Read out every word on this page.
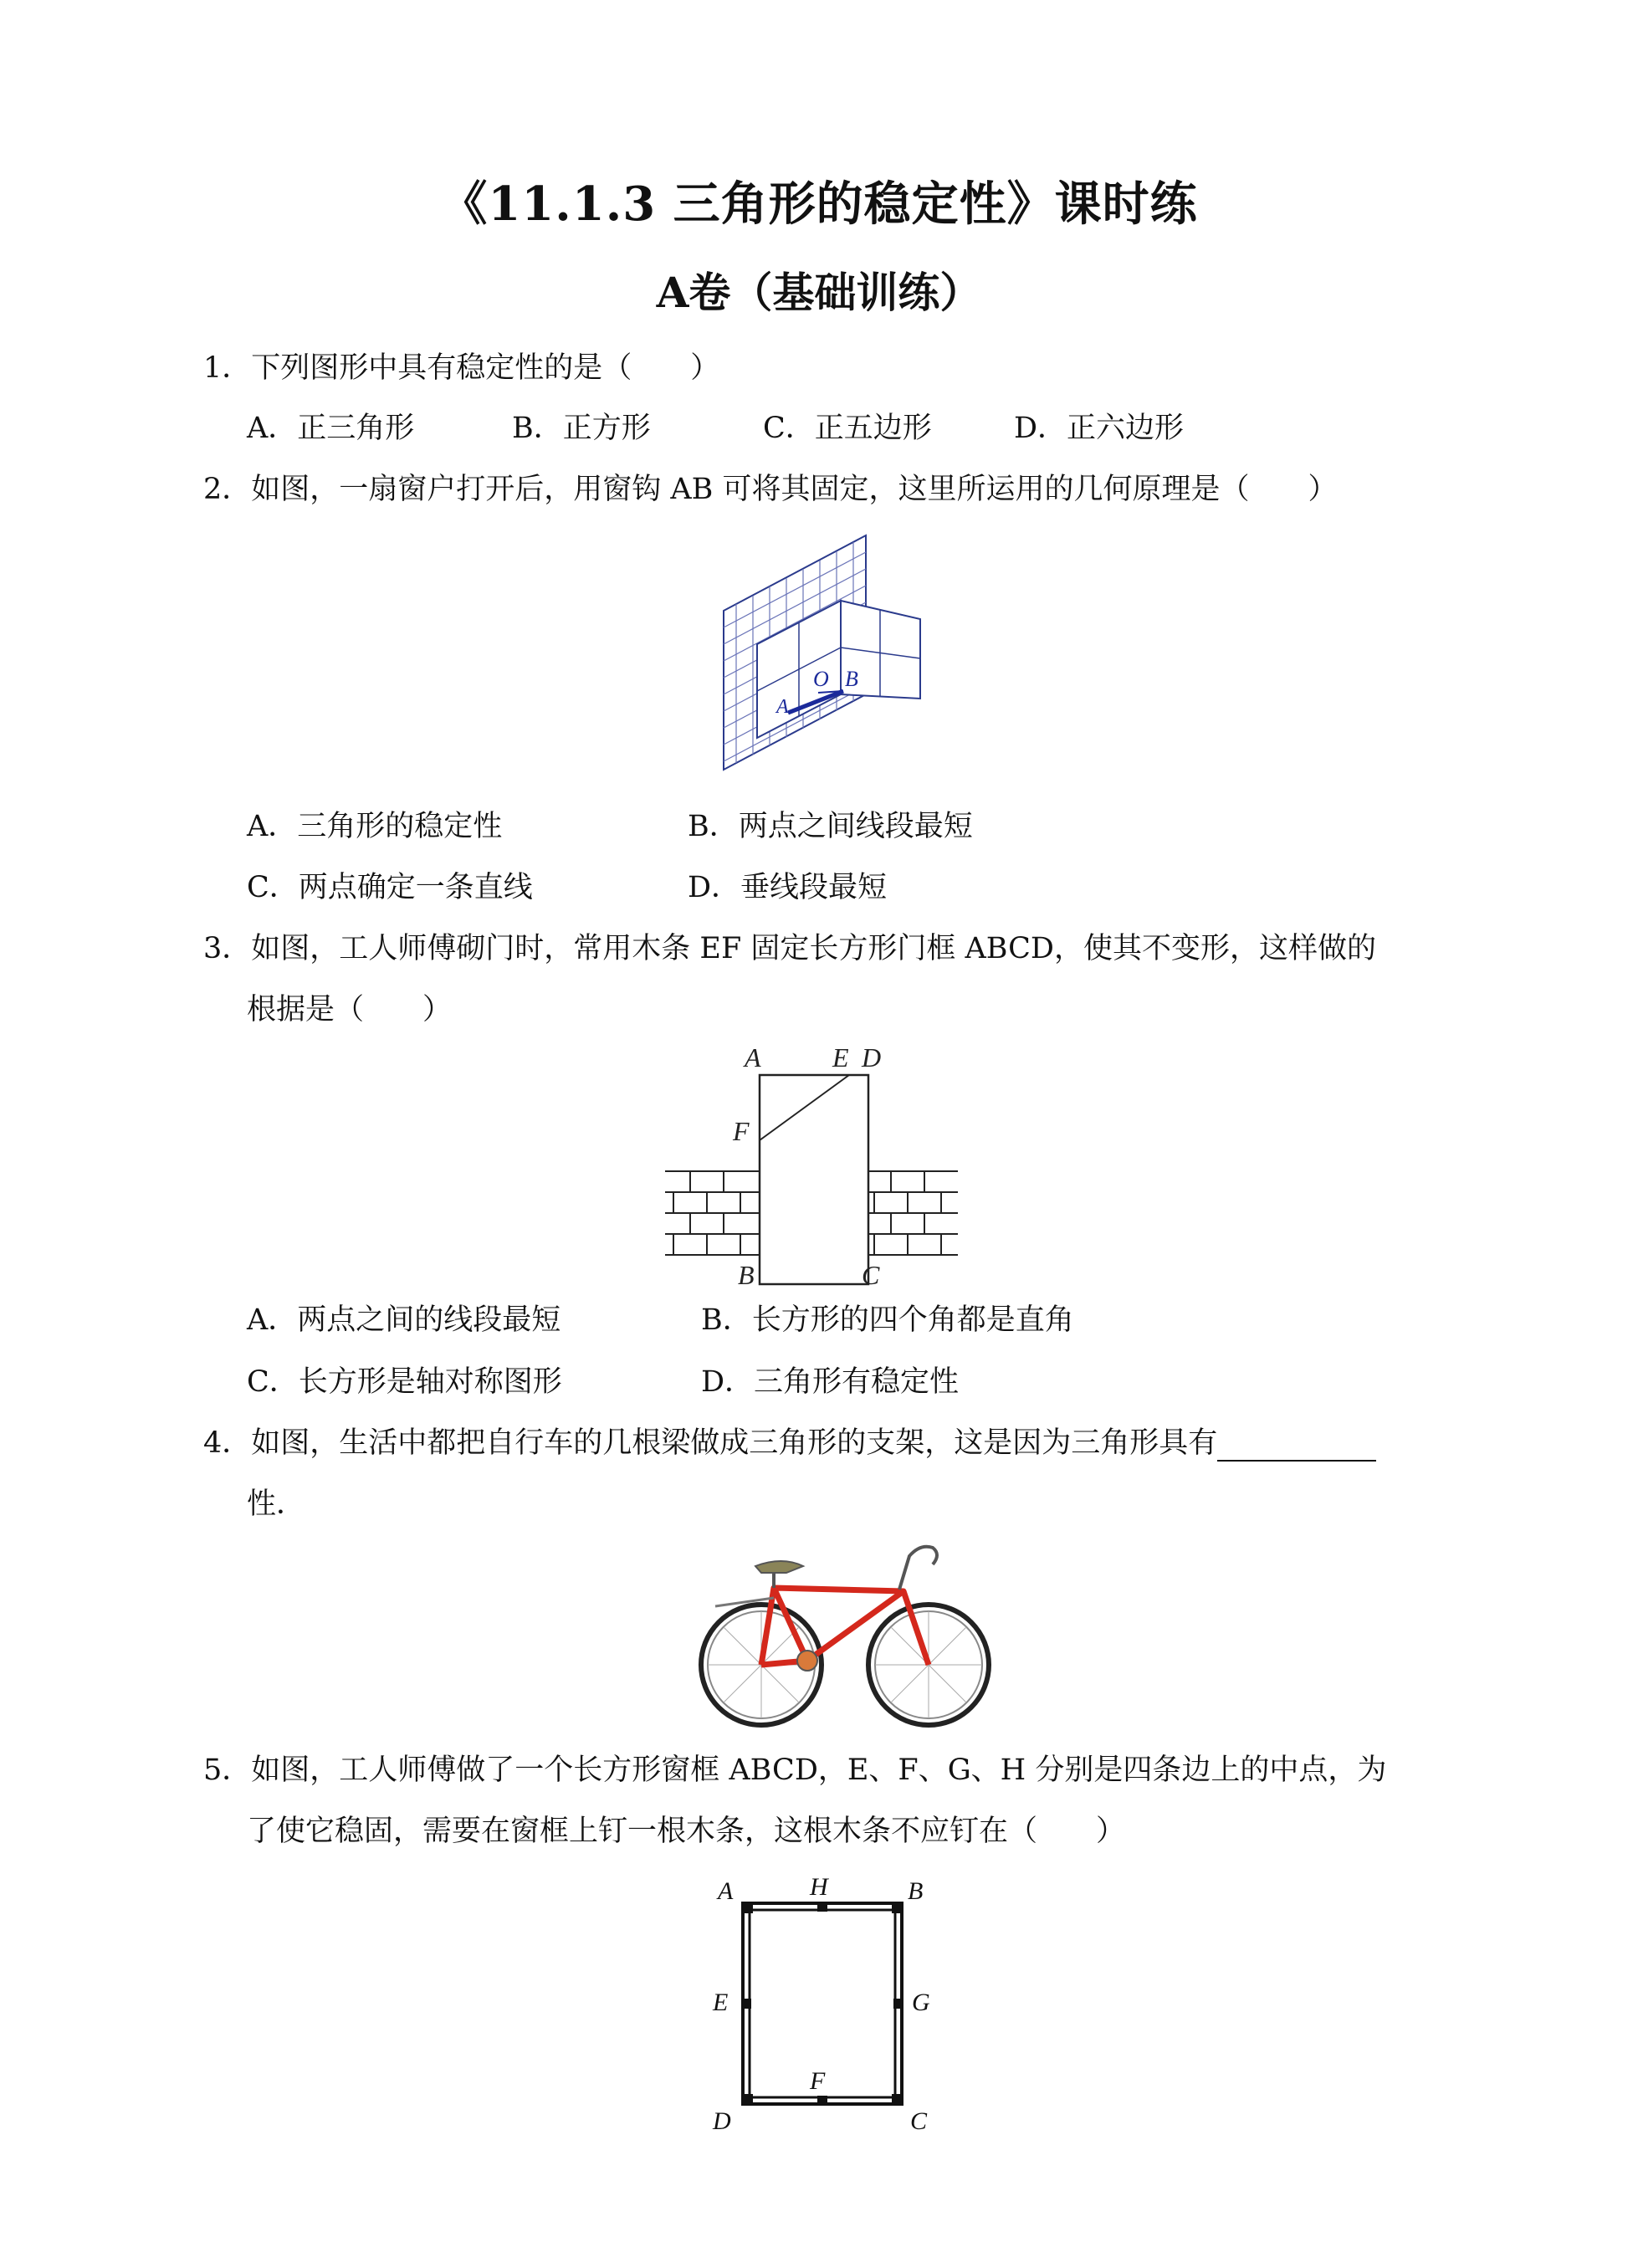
《11.1.3 三角形的稳定性》课时练
A卷（基础训练）
1．下列图形中具有稳定性的是（　　）
A．正三角形	B．正方形	C．正五边形	D．正六边形
2．如图，一扇窗户打开后，用窗钩 AB 可将其固定，这里所运用的几何原理是（　　）
A
O B
A．三角形的稳定性	B．两点之间线段最短
C．两点确定一条直线	D．垂线段最短
3．如图，工人师傅砌门时，常用木条 EF 固定长方形门框 ABCD，使其不变形，这样做的
根据是（　　）
A	E D
F
B	C
A．两点之间的线段最短	B．长方形的四个角都是直角
C．长方形是轴对称图形	D．三角形有稳定性
4．如图，生活中都把自行车的几根梁做成三角形的支架，这是因为三角形具有
性．
5．如图，工人师傅做了一个长方形窗框 ABCD，E、F、G、H 分别是四条边上的中点，为
了使它稳固，需要在窗框上钉一根木条，这根木条不应钉在（　　）
A	H	B
E	G
D
F
C
